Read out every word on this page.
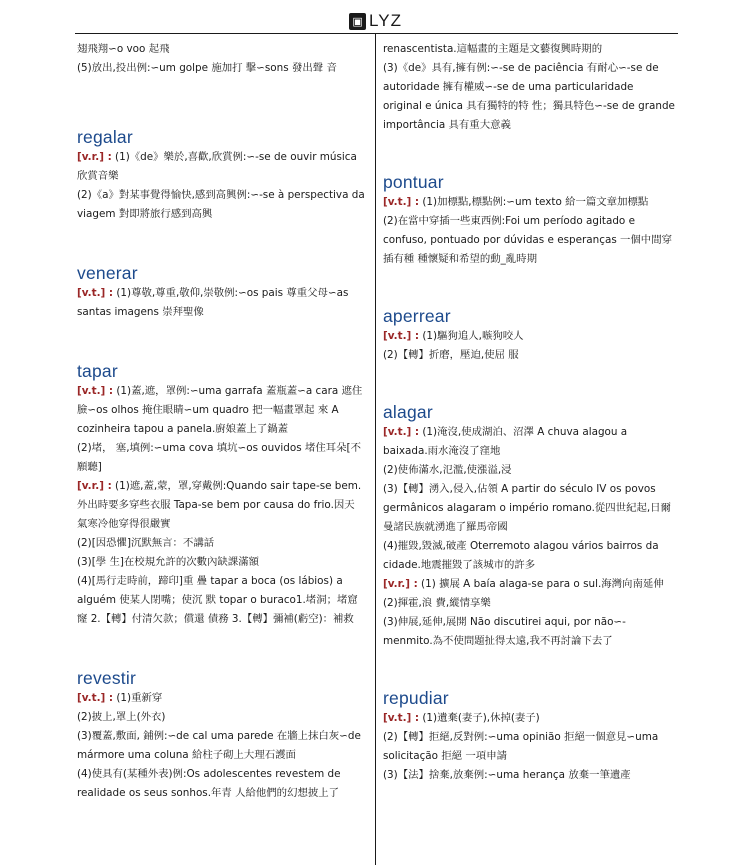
▣ LYZ

翅飛翔∽o voo 起飛

(5)放出,投出例:∽um golpe 施加打 擊∽sons 發出聲 音

regalar

[v.r.] : (1)《de》樂於,喜歡,欣賞例:∽-se de ouvir música 欣賞音樂

(2)《a》對某事覺得愉快,感到高興例:∽-se à perspectiva da viagem 對即將旅行感到高興

venerar

[v.t.] : (1)尊敬,尊重,敬仰,崇敬例:∽os pais 尊重父母∽as santas imagens 崇拜聖像

tapar

[v.t.] : (1)蓋,遮，罩例:∽uma garrafa 蓋瓶蓋∽a cara 遮住臉∽os olhos 掩住眼睛∽um quadro 把一幅畫罩起 來 A cozinheira tapou a panela.廚娘蓋上了鍋蓋

(2)堵， 塞,填例:∽uma cova 填坑∽os ouvidos 堵住耳朵[不願聽]

[v.r.] : (1)遮,蓋,蒙，罩,穿戴例:Quando sair tape-se bem.外出時要多穿些衣服 Tapa-se bem por causa do frio.因天 氣寒冷他穿得很嚴實

(2)[因恐懼]沉默無言：不講話

(3)[學 生]在校規允許的次數內缺課滿額

(4)[馬行走時前，蹄印]重 疊 tapar a boca (os lábios) a alguém 使某人閉嘴；使沉 默 topar o buraco1.堵洞；堵窟窿 2.【轉】付清欠款；償還 債務 3.【轉】彌補(虧空)：補救

revestir

[v.t.] : (1)重新穿

(2)披上,罩上(外衣)

(3)覆蓋,敷面, 鋪例:∽de cal uma parede 在牆上抹白灰∽de mármore uma coluna 給柱子砌上大理石護面

(4)使具有(某種外表)例:Os adolescentes revestem de realidade os seus sonhos.年青 人給他們的幻想披上了

renascentista.這幅畫的主題是文藝復興時期的

(3)《de》具有,擁有例:∽-se de paciência 有耐心∽-se de autoridade 擁有權威∽-se de uma particularidade original e única 具有獨特的特 性；獨具特色∽-se de grande importância 具有重大意義

pontuar

[v.t.] : (1)加標點,標點例:∽um texto 給一篇文章加標點

(2)在當中穿插一些東西例:Foi um período agitado e confuso, pontuado por dúvidas e esperanças 一個中間穿插有種 種懷疑和希望的動_亂時期

aperrear

[v.t.] : (1)驅狗追人,嗾狗咬人

(2)【轉】折磨，壓迫,使屈 服

alagar

[v.t.] : (1)淹沒,使成湖泊、沼澤 A chuva alagou a baixada.雨水淹沒了窪地

(2)使佈滿水,氾濫,使漲溢,浸

(3)【轉】湧入,侵入,佔領 A partir do século IV os povos germânicos alagaram o império romano.從四世紀起,日爾 曼諸民族就湧進了羅馬帝國

(4)摧毀,毀滅,破產 Oterremoto alagou vários bairros da cidade.地震摧毀了該城市的許多

[v.r.] : (1) 擴展 A baía alaga-se para o sul.海灣向南延伸

(2)揮霍,浪 費,縱情享樂

(3)伸展,延伸,展開 Não discutirei aqui, por não∽-menmito.為不使問題扯得太遠,我不再討論下去了

repudiar

[v.t.] : (1)遺棄(妻子),休掉(妻子)

(2)【轉】拒絕,反對例:∽uma opinião 拒絕一個意見∽uma solicitação 拒絕 一項申請

(3)【法】捨棄,放棄例:∽uma herança 放棄一筆遺產
